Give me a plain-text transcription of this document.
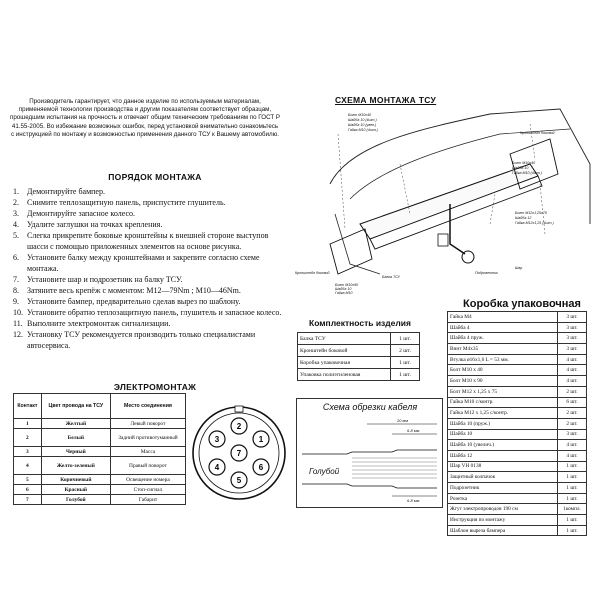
Производитель гарантирует, что данное изделие по используемым материалам, применяемой технологии производства и другим показателям соответствует образцам, прошедшим испытания на прочность и отвечает общим техническим требованиям по ГОСТ Р 41.55-2005. Во избежание возможных ошибок, перед установкой внимательно ознакомьтесь с инструкцией по монтажу и возможностью применения данного ТСУ к Вашему автомобилю.
ПОРЯДОК МОНТАЖА
1. Демонтируйте бампер.
2. Снимите теплозащитную панель, приспустите глушитель.
3. Демонтируйте запасное колесо.
4. Удалите заглушки на точках крепления.
5. Слегка прикрепите боковые кронштейны к внешней стороне выступов шасси с помощью приложенных элементов на основе рисунка.
6. Установите балку между кронштейнами и закрепите согласно схеме монтажа.
7. Установите шар и подрозетник на балку ТСУ.
8. Затяните весь крепёж с моментом: М12—79Nm ; М10—46Nm.
9. Установите бампер, предварительно сделав вырез по шаблону.
10. Установите обратно теплозащитную панель, глушитель и запасное колесо.
11. Выполните электромонтаж сигнализации.
12. Установку ТСУ рекомендуется производить только специалистами автосервиса.
ЭЛЕКТРОМОНТАЖ
Контакт	Цвет провода на ТСУ	Место соединения
1	Желтый	Левый поворот
2	Белый	Задний противотуманный
3	Черный	Масса
4	Желто-зеленый	Правый поворот
5	Коричневый	Освещение номера
6	Красный	Стоп-сигнал
7	Голубой	Габарит
1
2
3
4
5
6
7
СХЕМА МОНТАЖА ТСУ
Болт М10х40
Шайба 10 (4шт.)
Шайба 10 (увел.)
Гайка М10 (4шт.)
Кронштейн боковой
Болт М10х40
Шайба 10
Гайка М10 (4шт.)
Болт М12х1,25х75
Шайба 12
Гайка М12х1,25 (4шт.)
Кронштейн боковой
Балка ТСУ
Подрозетник
Шар
Болт М10х90
Шайба 10
Гайка М10
Коробка упаковочная
Гайка М4	3 шт.
Шайба 4	3 шт.
Шайба 4 пруж.	3 шт.
Винт М4х35	3 шт.
Втулка ø16х1,6 L = 53 мм.	4 шт.
Болт М10 х 40	4 шт.
Болт М10 х 90	4 шт.
Болт М12 х 1,25 х 75	2 шт.
Гайка М10 с/контр.	6 шт.
Гайка М12 х 1,25 с/контр.	2 шт.
Шайба 10 (пруж.)	2 шт.
Шайба 10	3 шт.
Шайба 10 (увелич.)	4 шт.
Шайба 12	4 шт.
Шар VH 0138	1 шт.
Защитный колпачок	1 шт.
Подрозетник	1 шт.
Розетка	1 шт.
Жгут электропроводов 190 см	1компл.
Инструкция по монтажу	1 шт.
Шаблон выреза бампера	1 шт.
Комплектность изделия
Балка ТСУ	1 шт.
Кронштейн боковой	2 шт.
Коробка упаковочная	1 шт.
Упаковка полиэтиленовая	1 шт.
Схема обрезки кабеля
20 мм
6-8 мм
Голубой
6-8 мм
